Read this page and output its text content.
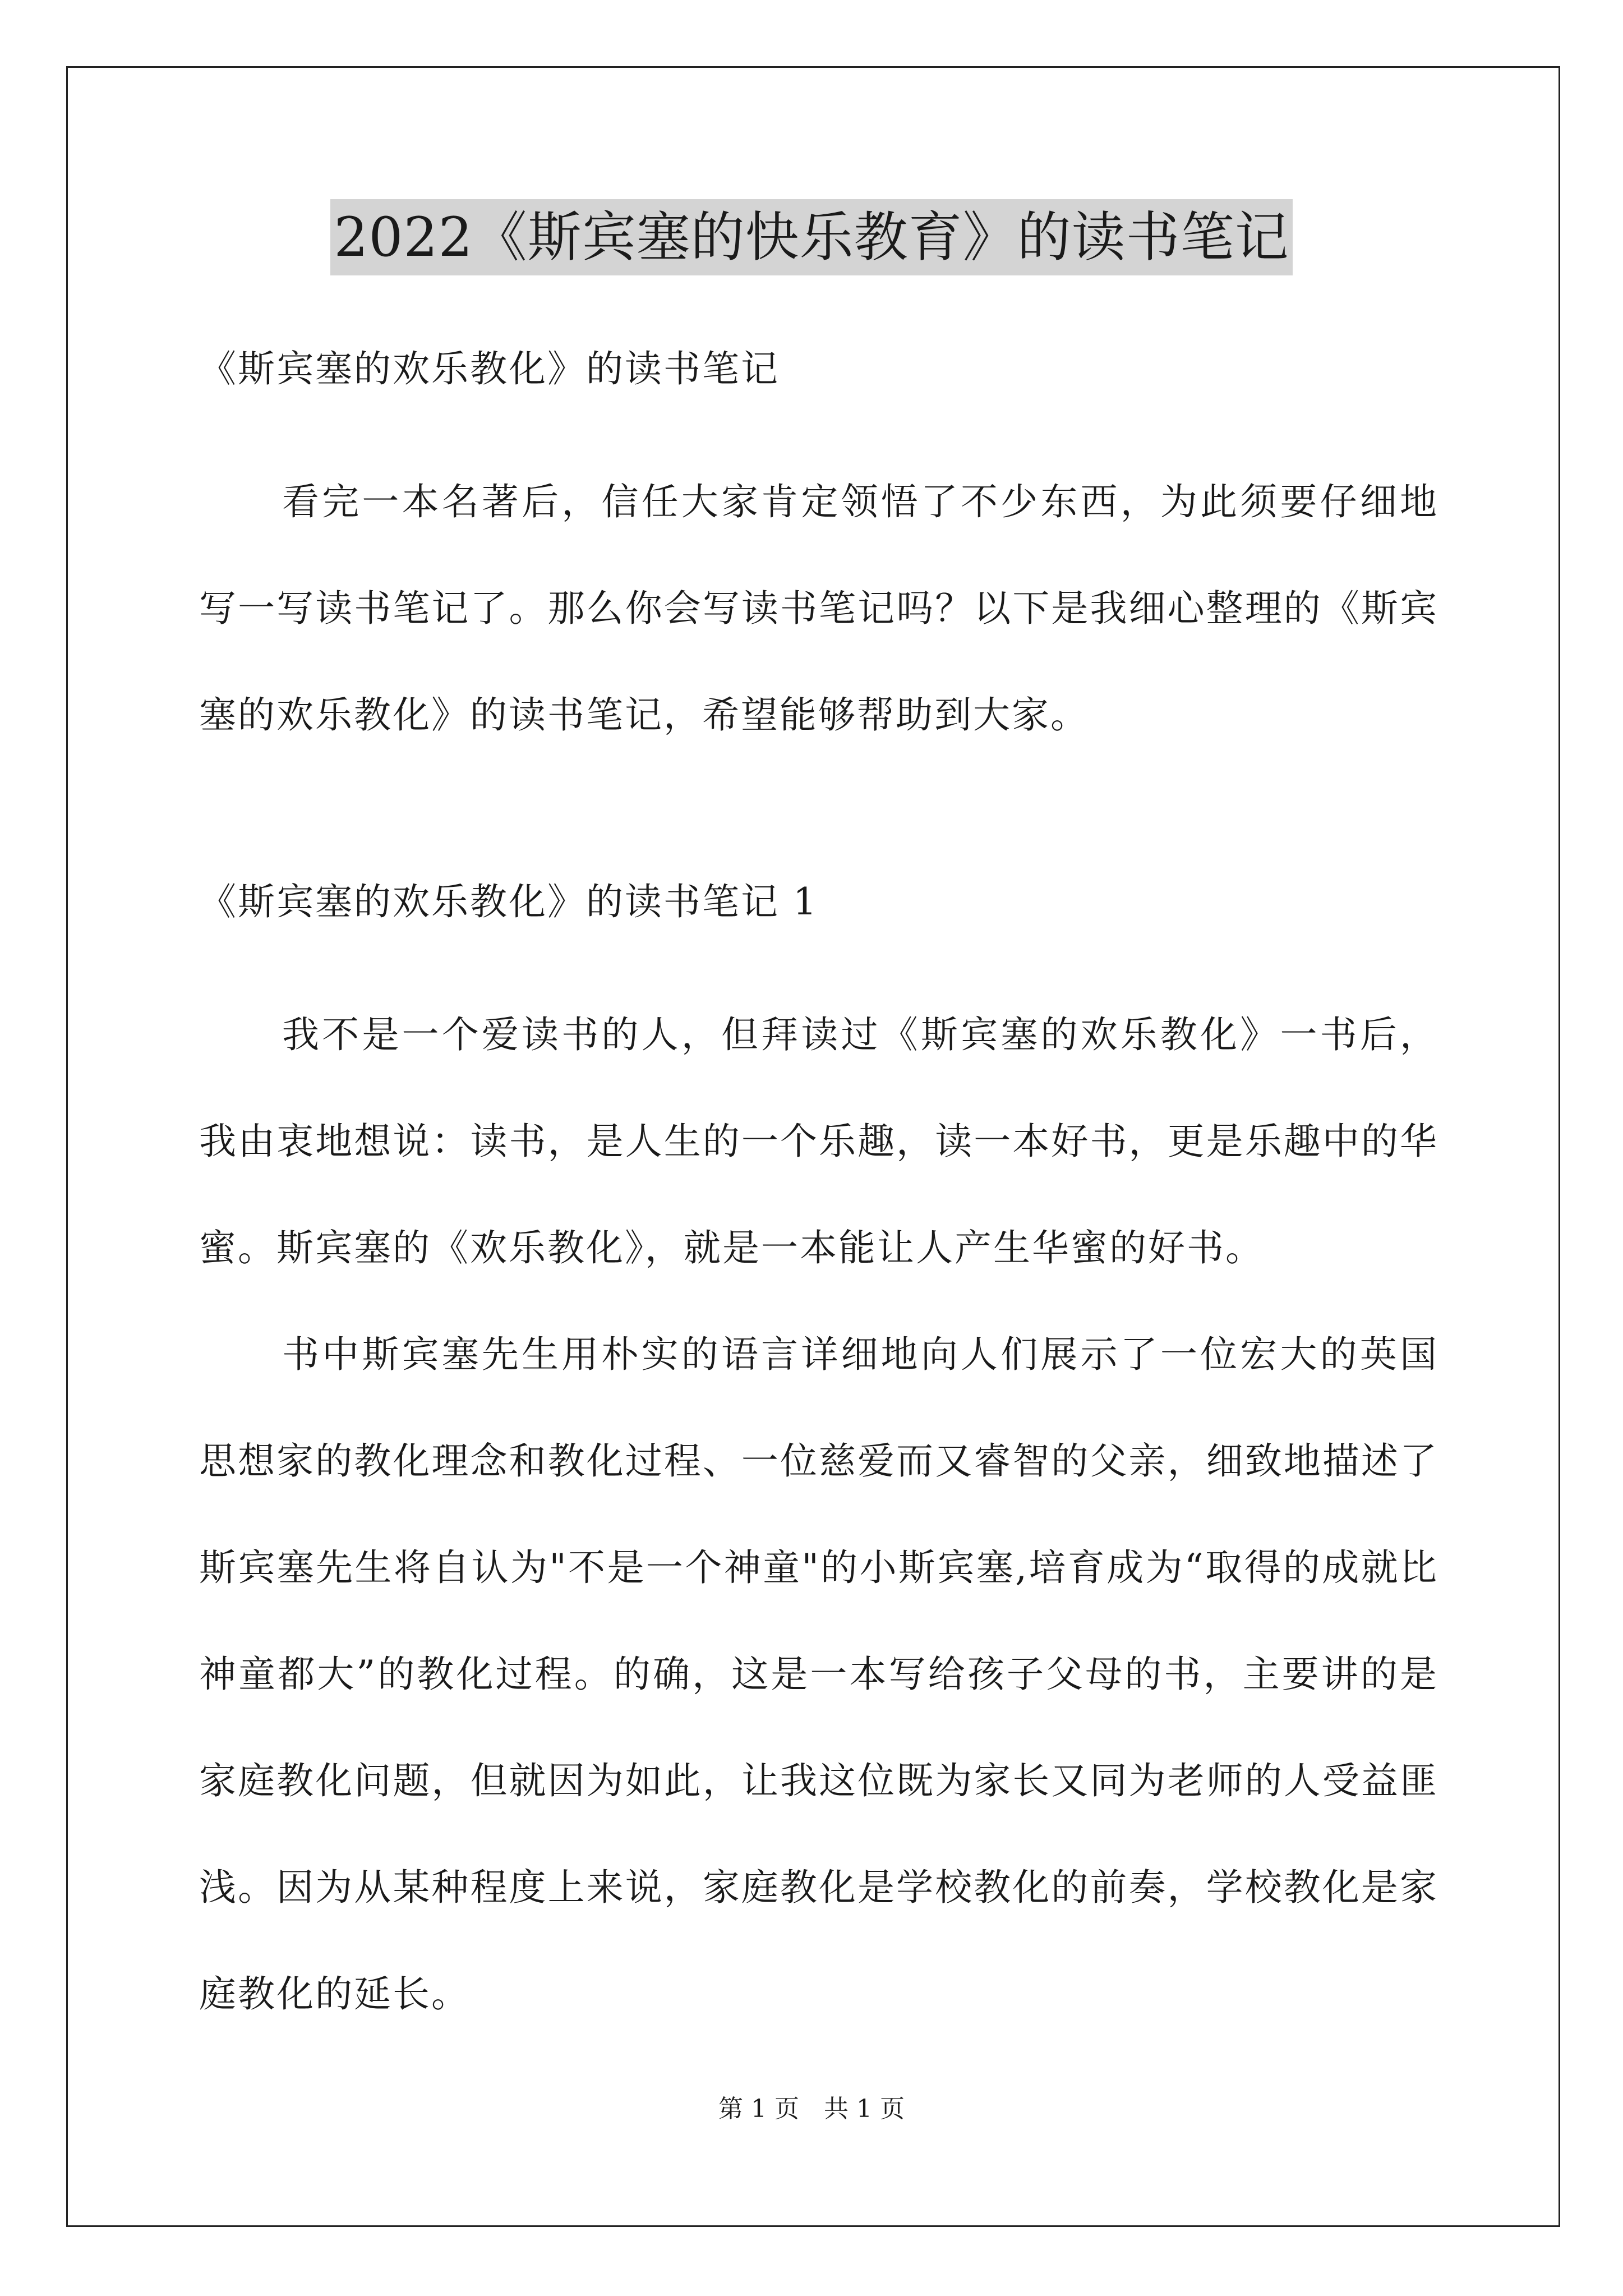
2022《斯宾塞的快乐教育》的读书笔记
《斯宾塞的欢乐教化》的读书笔记

看完一本名著后，信任大家肯定领悟了不少东西，为此须要仔细地写一写读书笔记了。那么你会写读书笔记吗？以下是我细心整理的《斯宾塞的欢乐教化》的读书笔记，希望能够帮助到大家。

《斯宾塞的欢乐教化》的读书笔记 1

我不是一个爱读书的人，但拜读过《斯宾塞的欢乐教化》一书后，我由衷地想说：读书，是人生的一个乐趣，读一本好书，更是乐趣中的华蜜。斯宾塞的《欢乐教化》，就是一本能让人产生华蜜的好书。

书中斯宾塞先生用朴实的语言详细地向人们展示了一位宏大的英国思想家的教化理念和教化过程、一位慈爱而又睿智的父亲，细致地描述了斯宾塞先生将自认为"不是一个神童"的小斯宾塞,培育成为“取得的成就比神童都大”的教化过程。的确，这是一本写给孩子父母的书，主要讲的是家庭教化问题，但就因为如此，让我这位既为家长又同为老师的人受益匪浅。因为从某种程度上来说，家庭教化是学校教化的前奏，学校教化是家庭教化的延长。

第 1 页　共 1 页
